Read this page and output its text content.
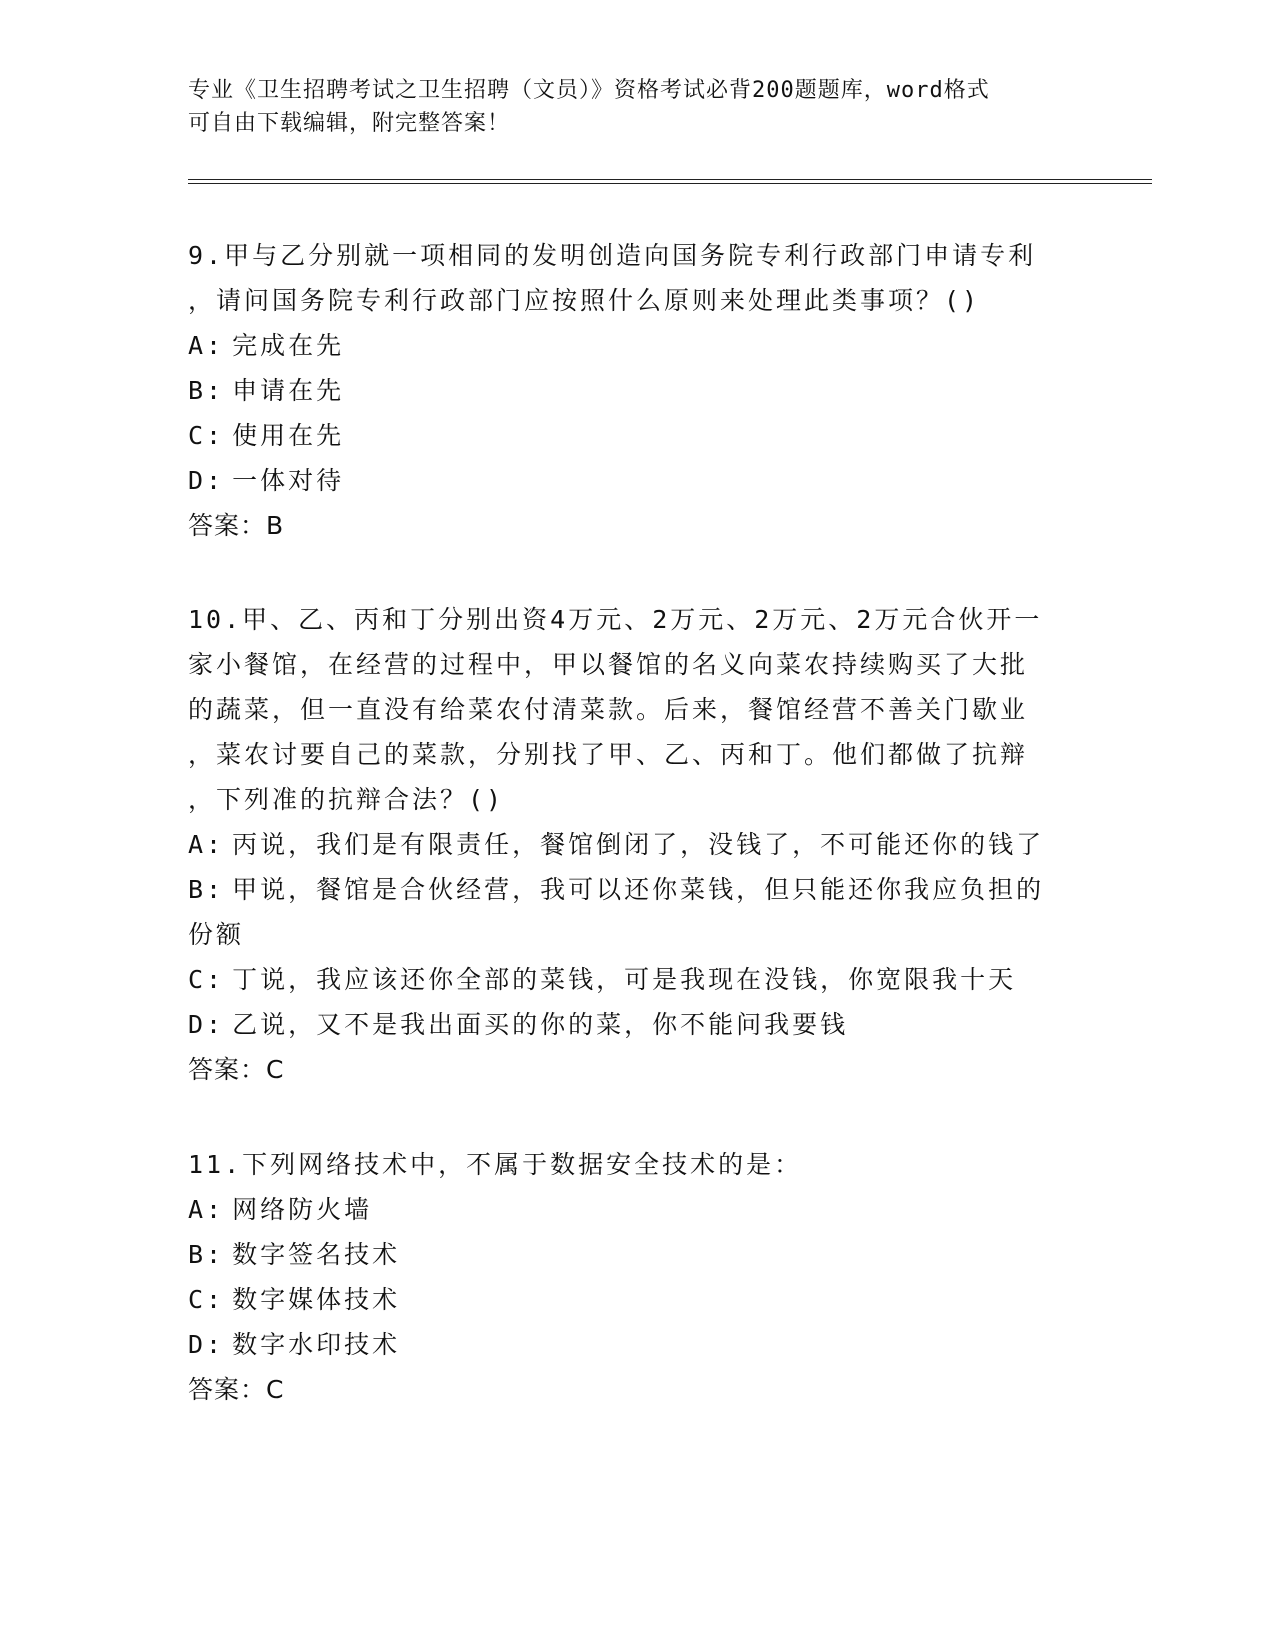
专业《卫生招聘考试之卫生招聘（文员）》资格考试必背200题题库，word格式
可自由下载编辑，附完整答案！
9.甲与乙分别就一项相同的发明创造向国务院专利行政部门申请专利
，请问国务院专利行政部门应按照什么原则来处理此类事项？()
A: 完成在先
B: 申请在先
C: 使用在先
D: 一体对待
答案：B
10.甲、乙、丙和丁分别出资4万元、2万元、2万元、2万元合伙开一
家小餐馆，在经营的过程中，甲以餐馆的名义向菜农持续购买了大批
的蔬菜，但一直没有给菜农付清菜款。后来，餐馆经营不善关门歇业
，菜农讨要自己的菜款，分别找了甲、乙、丙和丁。他们都做了抗辩
，下列准的抗辩合法？()
A: 丙说，我们是有限责任，餐馆倒闭了，没钱了，不可能还你的钱了
B: 甲说，餐馆是合伙经营，我可以还你菜钱，但只能还你我应负担的
份额
C: 丁说，我应该还你全部的菜钱，可是我现在没钱，你宽限我十天
D: 乙说，又不是我出面买的你的菜，你不能问我要钱
答案：C
11.下列网络技术中，不属于数据安全技术的是：
A: 网络防火墙
B: 数字签名技术
C: 数字媒体技术
D: 数字水印技术
答案：C
